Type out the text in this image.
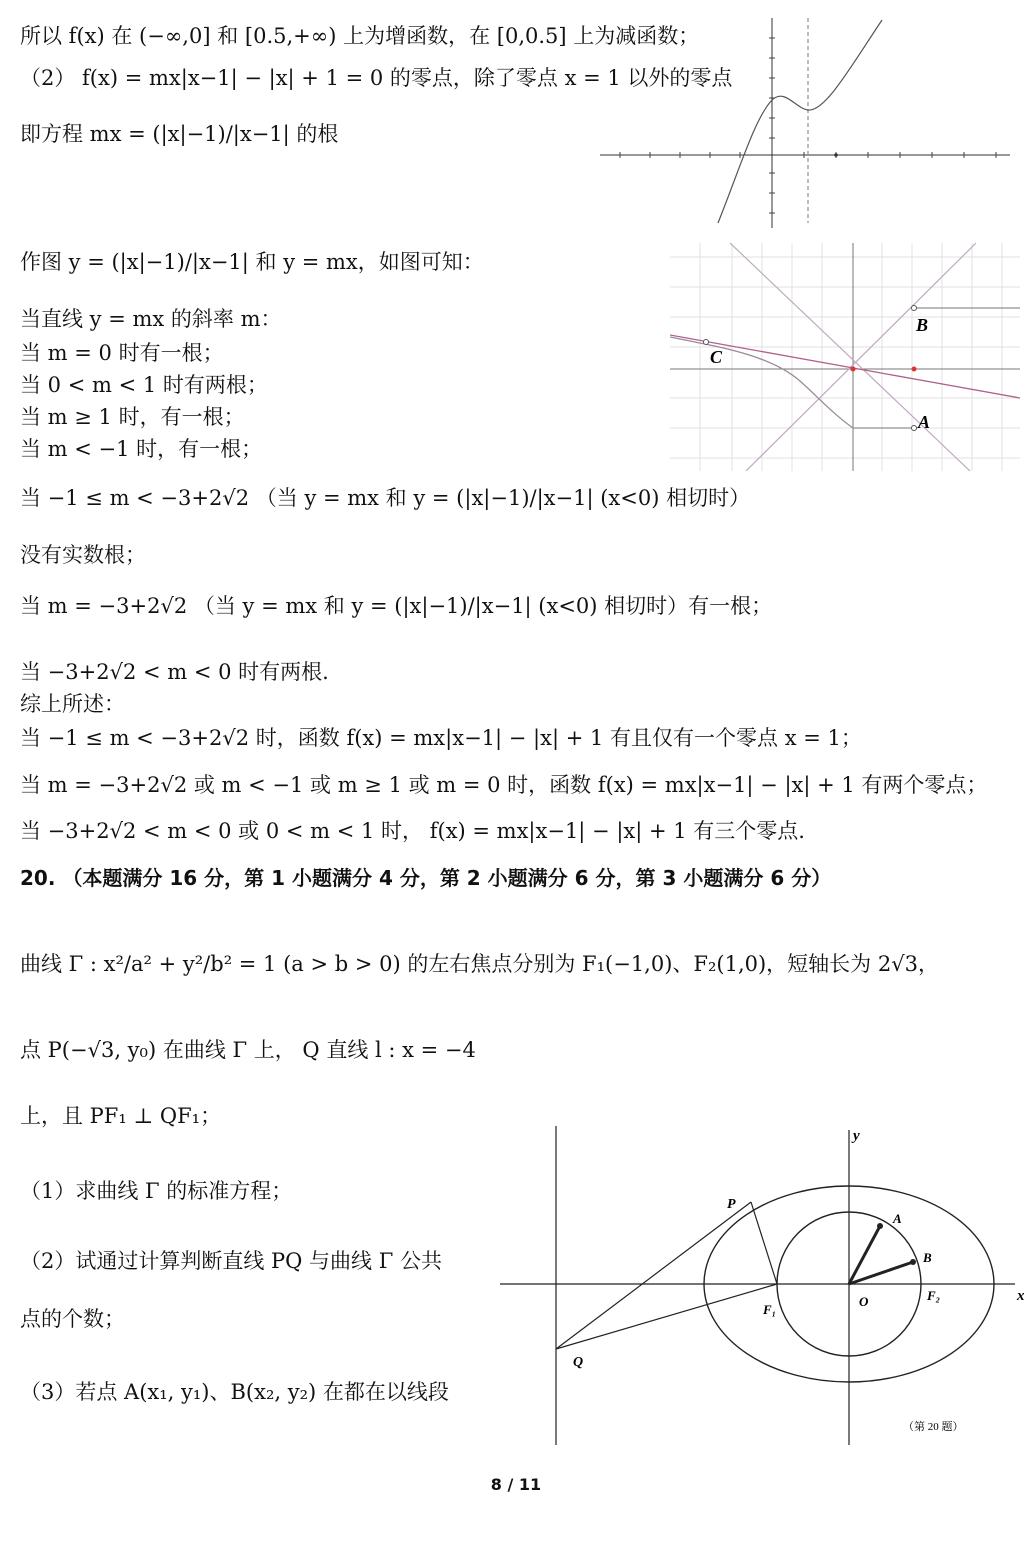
所以 f(x) 在 (−∞,0] 和 [0.5,+∞) 上为增函数，在 [0,0.5] 上为减函数；
（2） f(x) = mx|x−1| − |x| + 1 = 0 的零点，除了零点 x = 1 以外的零点
即方程 mx = (|x|−1)/|x−1| 的根
作图 y = (|x|−1)/|x−1| 和 y = mx，如图可知：
当直线 y = mx 的斜率 m：
当 m = 0 时有一根；
当 0 < m < 1 时有两根；
当 m ≥ 1 时，有一根；
当 m < −1 时，有一根；
当 −1 ≤ m < −3+2√2 （当 y = mx 和 y = (|x|−1)/|x−1| (x<0) 相切时）
没有实数根；
当 m = −3+2√2 （当 y = mx 和 y = (|x|−1)/|x−1| (x<0) 相切时）有一根；
当 −3+2√2 < m < 0 时有两根.
综上所述：
当 −1 ≤ m < −3+2√2 时，函数 f(x) = mx|x−1| − |x| + 1 有且仅有一个零点 x = 1；
当 m = −3+2√2 或 m < −1 或 m ≥ 1 或 m = 0 时，函数 f(x) = mx|x−1| − |x| + 1 有两个零点；
当 −3+2√2 < m < 0 或 0 < m < 1 时， f(x) = mx|x−1| − |x| + 1 有三个零点.
20. （本题满分 16 分，第 1 小题满分 4 分，第 2 小题满分 6 分，第 3 小题满分 6 分）
曲线 Γ : x²/a² + y²/b² = 1 (a > b > 0) 的左右焦点分别为 F₁(−1,0)、F₂(1,0)，短轴长为 2√3，
点 P(−√3, y₀) 在曲线 Γ 上， Q 直线 l : x = −4
上，且 PF₁ ⊥ QF₁；
（1）求曲线 Γ 的标准方程；
（2）试通过计算判断直线 PQ 与曲线 Γ 公共
点的个数；
（3）若点 A(x₁, y₁)、B(x₂, y₂) 在都在以线段
B
C
A
y
x
P
A
B
O
F₁
F₂
Q
（第 20 题）
8 / 11
